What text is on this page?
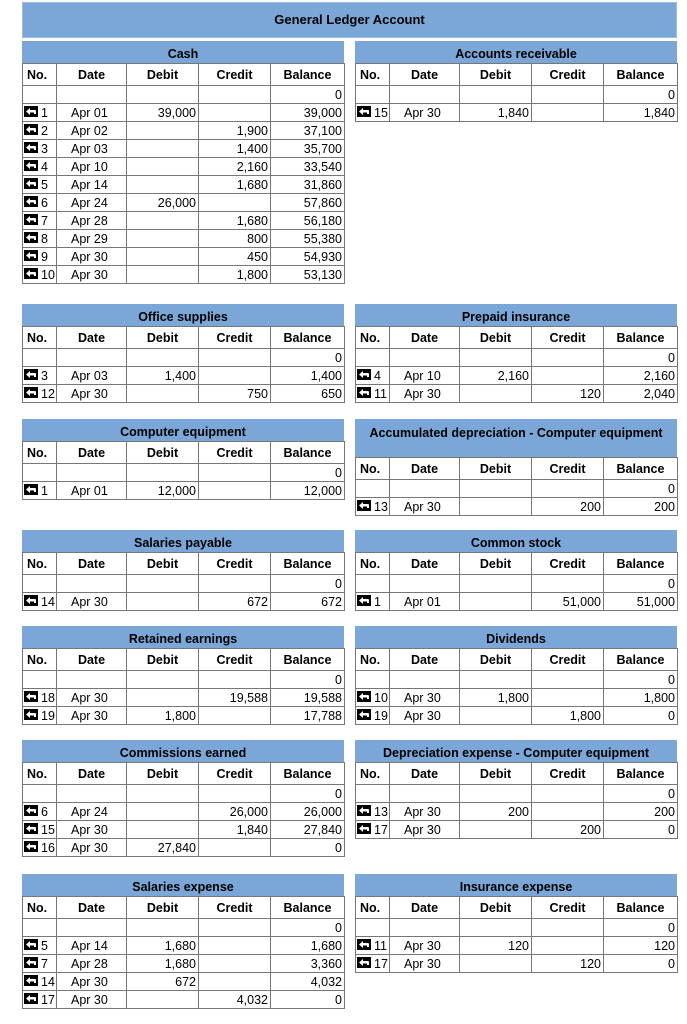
General Ledger Account
Cash
No.	Date	Debit	Credit	Balance
				0

1	Apr 01	39,000		39,000

2	Apr 02		1,900	37,100

3	Apr 03		1,400	35,700

4	Apr 10		2,160	33,540

5	Apr 14		1,680	31,860

6	Apr 24	26,000		57,860

7	Apr 28		1,680	56,180

8	Apr 29		800	55,380

9	Apr 30		450	54,930

10	Apr 30		1,800	53,130
Accounts receivable
No.	Date	Debit	Credit	Balance
				0

15	Apr 30	1,840		1,840
Office supplies
No.	Date	Debit	Credit	Balance
				0

3	Apr 03	1,400		1,400

12	Apr 30		750	650
Prepaid insurance
No.	Date	Debit	Credit	Balance
				0

4	Apr 10	2,160		2,160

11	Apr 30		120	2,040
Computer equipment
No.	Date	Debit	Credit	Balance
				0

1	Apr 01	12,000		12,000
Accumulated depreciation - Computer equipment
No.	Date	Debit	Credit	Balance
				0

13	Apr 30		200	200
Salaries payable
No.	Date	Debit	Credit	Balance
				0

14	Apr 30		672	672
Common stock
No.	Date	Debit	Credit	Balance
				0

1	Apr 01		51,000	51,000
Retained earnings
No.	Date	Debit	Credit	Balance
				0

18	Apr 30		19,588	19,588

19	Apr 30	1,800		17,788
Dividends
No.	Date	Debit	Credit	Balance
				0

10	Apr 30	1,800		1,800

19	Apr 30		1,800	0
Commissions earned
No.	Date	Debit	Credit	Balance
				0

6	Apr 24		26,000	26,000

15	Apr 30		1,840	27,840

16	Apr 30	27,840		0
Depreciation expense - Computer equipment
No.	Date	Debit	Credit	Balance
				0

13	Apr 30	200		200

17	Apr 30		200	0
Salaries expense
No.	Date	Debit	Credit	Balance
				0

5	Apr 14	1,680		1,680

7	Apr 28	1,680		3,360

14	Apr 30	672		4,032

17	Apr 30		4,032	0
Insurance expense
No.	Date	Debit	Credit	Balance
				0

11	Apr 30	120		120

17	Apr 30		120	0
